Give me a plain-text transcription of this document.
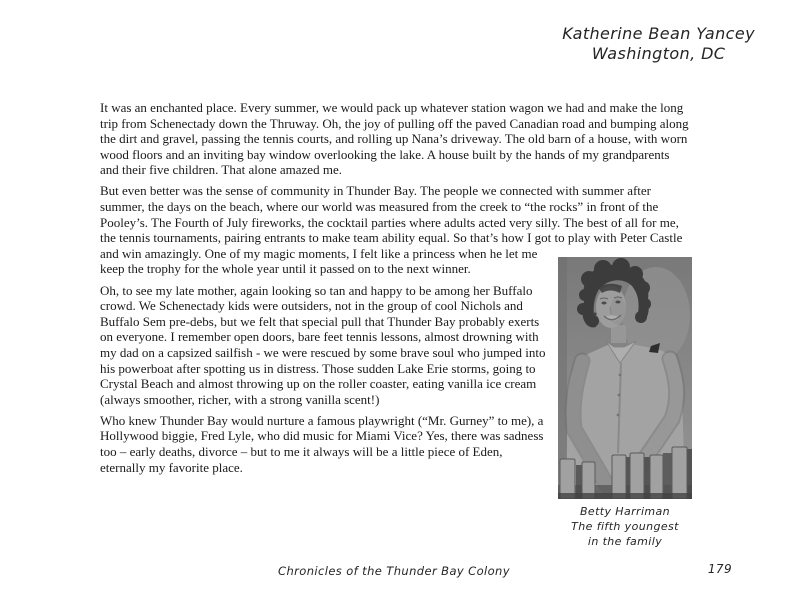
Katherine Bean Yancey
Washington, DC
Betty Harriman
The fifth youngest
in the family

It was an enchanted place. Every summer, we would pack up whatever station wagon we had and make the long trip from Schenectady down the Thruway. Oh, the joy of pulling off the paved Canadian road and bumping along the dirt and gravel, passing the tennis courts, and rolling up Nana’s driveway. The old barn of a house, with worn wood floors and an inviting bay window overlooking the lake. A house built by the hands of my grandparents and their five children. That alone amazed me.

But even better was the sense of community in Thunder Bay. The people we connected with summer after summer, the days on the beach, where our world was measured from the creek to “the rocks” in front of the Pooley’s. The Fourth of July fireworks, the cocktail parties where adults acted very silly. The best of all for me, the tennis tournaments, pairing entrants to make team ability equal. So that’s how I got to play with Peter Castle and win amazingly. One of my magic moments, I felt like a princess when he let me keep the trophy for the whole year until it passed on to the next winner.

Oh, to see my late mother, again looking so tan and happy to be among her Buffalo crowd. We Schenectady kids were outsiders, not in the group of cool Nichols and Buffalo Sem pre-debs, but we felt that special pull that Thunder Bay probably exerts on everyone. I remember open doors, bare feet tennis lessons, almost drowning with my dad on a capsized sailfish - we were rescued by some brave soul who jumped into his powerboat after spotting us in distress. Those sudden Lake Erie storms, going to Crystal Beach and almost throwing up on the roller coaster, eating vanilla ice cream (always smoother, richer, with a strong vanilla scent!)

Who knew Thunder Bay would nurture a famous playwright (“Mr. Gurney” to me), a Hollywood biggie, Fred Lyle, who did music for Miami Vice? Yes, there was sadness too – early deaths, divorce – but to me it always will be a little piece of Eden, eternally my favorite place.

Chronicles of the Thunder Bay Colony	179
